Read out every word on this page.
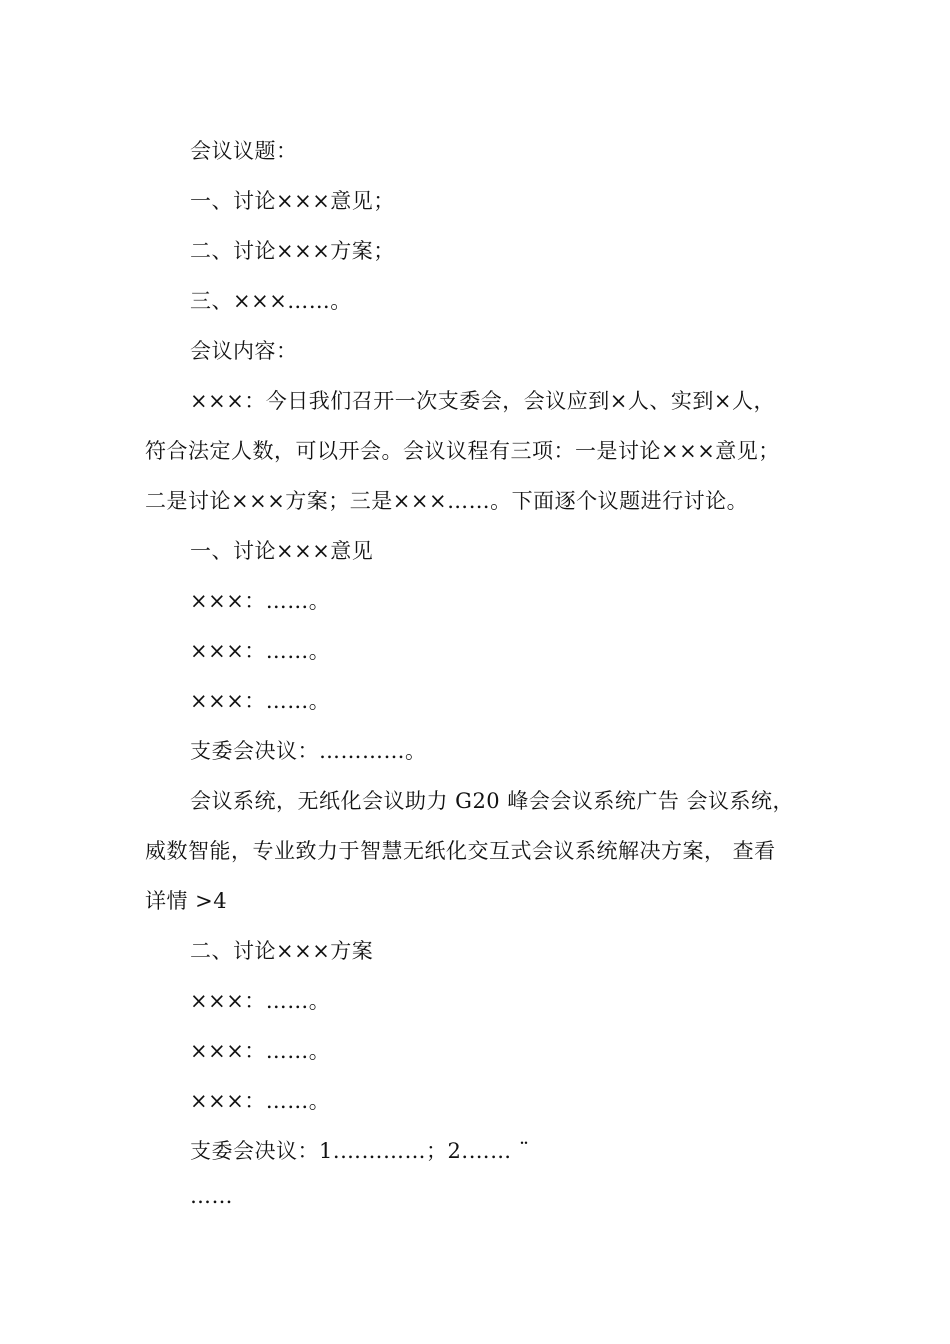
会议议题：
一、讨论×××意见；
二、讨论×××方案；
三、×××……。
会议内容：
×××：今日我们召开一次支委会，会议应到×人、实到×人，
符合法定人数，可以开会。会议议程有三项：一是讨论×××意见；
二是讨论×××方案；三是×××……。下面逐个议题进行讨论。
一、讨论×××意见
×××：……。
×××：……。
×××：……。
支委会决议：…………。
会议系统，无纸化会议助力 G20 峰会会议系统广告 会议系统，
威数智能，专业致力于智慧无纸化交互式会议系统解决方案， 查看
详情 >4
二、讨论×××方案
×××：……。
×××：……。
×××：……。
支委会决议：1.…………；2.…… ¨
……
